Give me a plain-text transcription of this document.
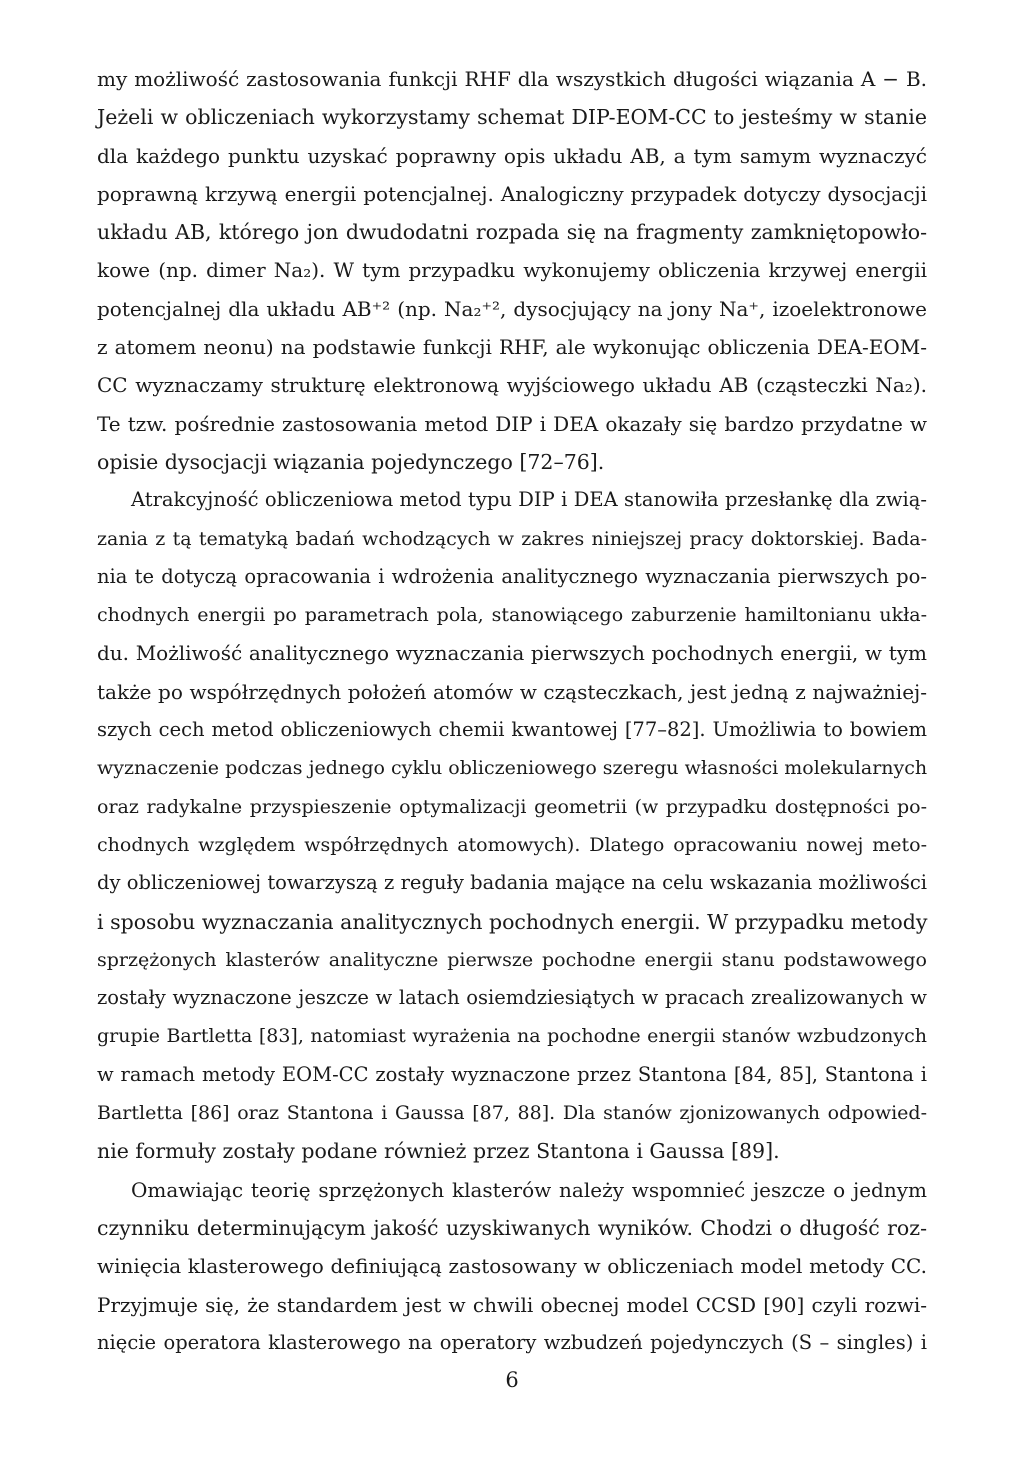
my możliwość zastosowania funkcji RHF dla wszystkich długości wiązania A − B.
Jeżeli w obliczeniach wykorzystamy schemat DIP-EOM-CC to jesteśmy w stanie
dla każdego punktu uzyskać poprawny opis układu AB, a tym samym wyznaczyć
poprawną krzywą energii potencjalnej. Analogiczny przypadek dotyczy dysocjacji
układu AB, którego jon dwudodatni rozpada się na fragmenty zamkniętopowło-
kowe (np. dimer Na₂). W tym przypadku wykonujemy obliczenia krzywej energii
potencjalnej dla układu AB⁺² (np. Na₂⁺², dysocjujący na jony Na⁺, izoelektronowe
z atomem neonu) na podstawie funkcji RHF, ale wykonując obliczenia DEA-EOM-
CC wyznaczamy strukturę elektronową wyjściowego układu AB (cząsteczki Na₂).
Te tzw. pośrednie zastosowania metod DIP i DEA okazały się bardzo przydatne w
opisie dysocjacji wiązania pojedynczego [72–76].
Atrakcyjność obliczeniowa metod typu DIP i DEA stanowiła przesłankę dla zwią-
zania z tą tematyką badań wchodzących w zakres niniejszej pracy doktorskiej. Bada-
nia te dotyczą opracowania i wdrożenia analitycznego wyznaczania pierwszych po-
chodnych energii po parametrach pola, stanowiącego zaburzenie hamiltonianu ukła-
du. Możliwość analitycznego wyznaczania pierwszych pochodnych energii, w tym
także po współrzędnych położeń atomów w cząsteczkach, jest jedną z najważniej-
szych cech metod obliczeniowych chemii kwantowej [77–82]. Umożliwia to bowiem
wyznaczenie podczas jednego cyklu obliczeniowego szeregu własności molekularnych
oraz radykalne przyspieszenie optymalizacji geometrii (w przypadku dostępności po-
chodnych względem współrzędnych atomowych). Dlatego opracowaniu nowej meto-
dy obliczeniowej towarzyszą z reguły badania mające na celu wskazania możliwości
i sposobu wyznaczania analitycznych pochodnych energii. W przypadku metody
sprzężonych klasterów analityczne pierwsze pochodne energii stanu podstawowego
zostały wyznaczone jeszcze w latach osiemdziesiątych w pracach zrealizowanych w
grupie Bartletta [83], natomiast wyrażenia na pochodne energii stanów wzbudzonych
w ramach metody EOM-CC zostały wyznaczone przez Stantona [84, 85], Stantona i
Bartletta [86] oraz Stantona i Gaussa [87, 88]. Dla stanów zjonizowanych odpowied-
nie formuły zostały podane również przez Stantona i Gaussa [89].
Omawiając teorię sprzężonych klasterów należy wspomnieć jeszcze o jednym
czynniku determinującym jakość uzyskiwanych wyników. Chodzi o długość roz-
winięcia klasterowego definiującą zastosowany w obliczeniach model metody CC.
Przyjmuje się, że standardem jest w chwili obecnej model CCSD [90] czyli rozwi-
nięcie operatora klasterowego na operatory wzbudzeń pojedynczych (S – singles) i
6
